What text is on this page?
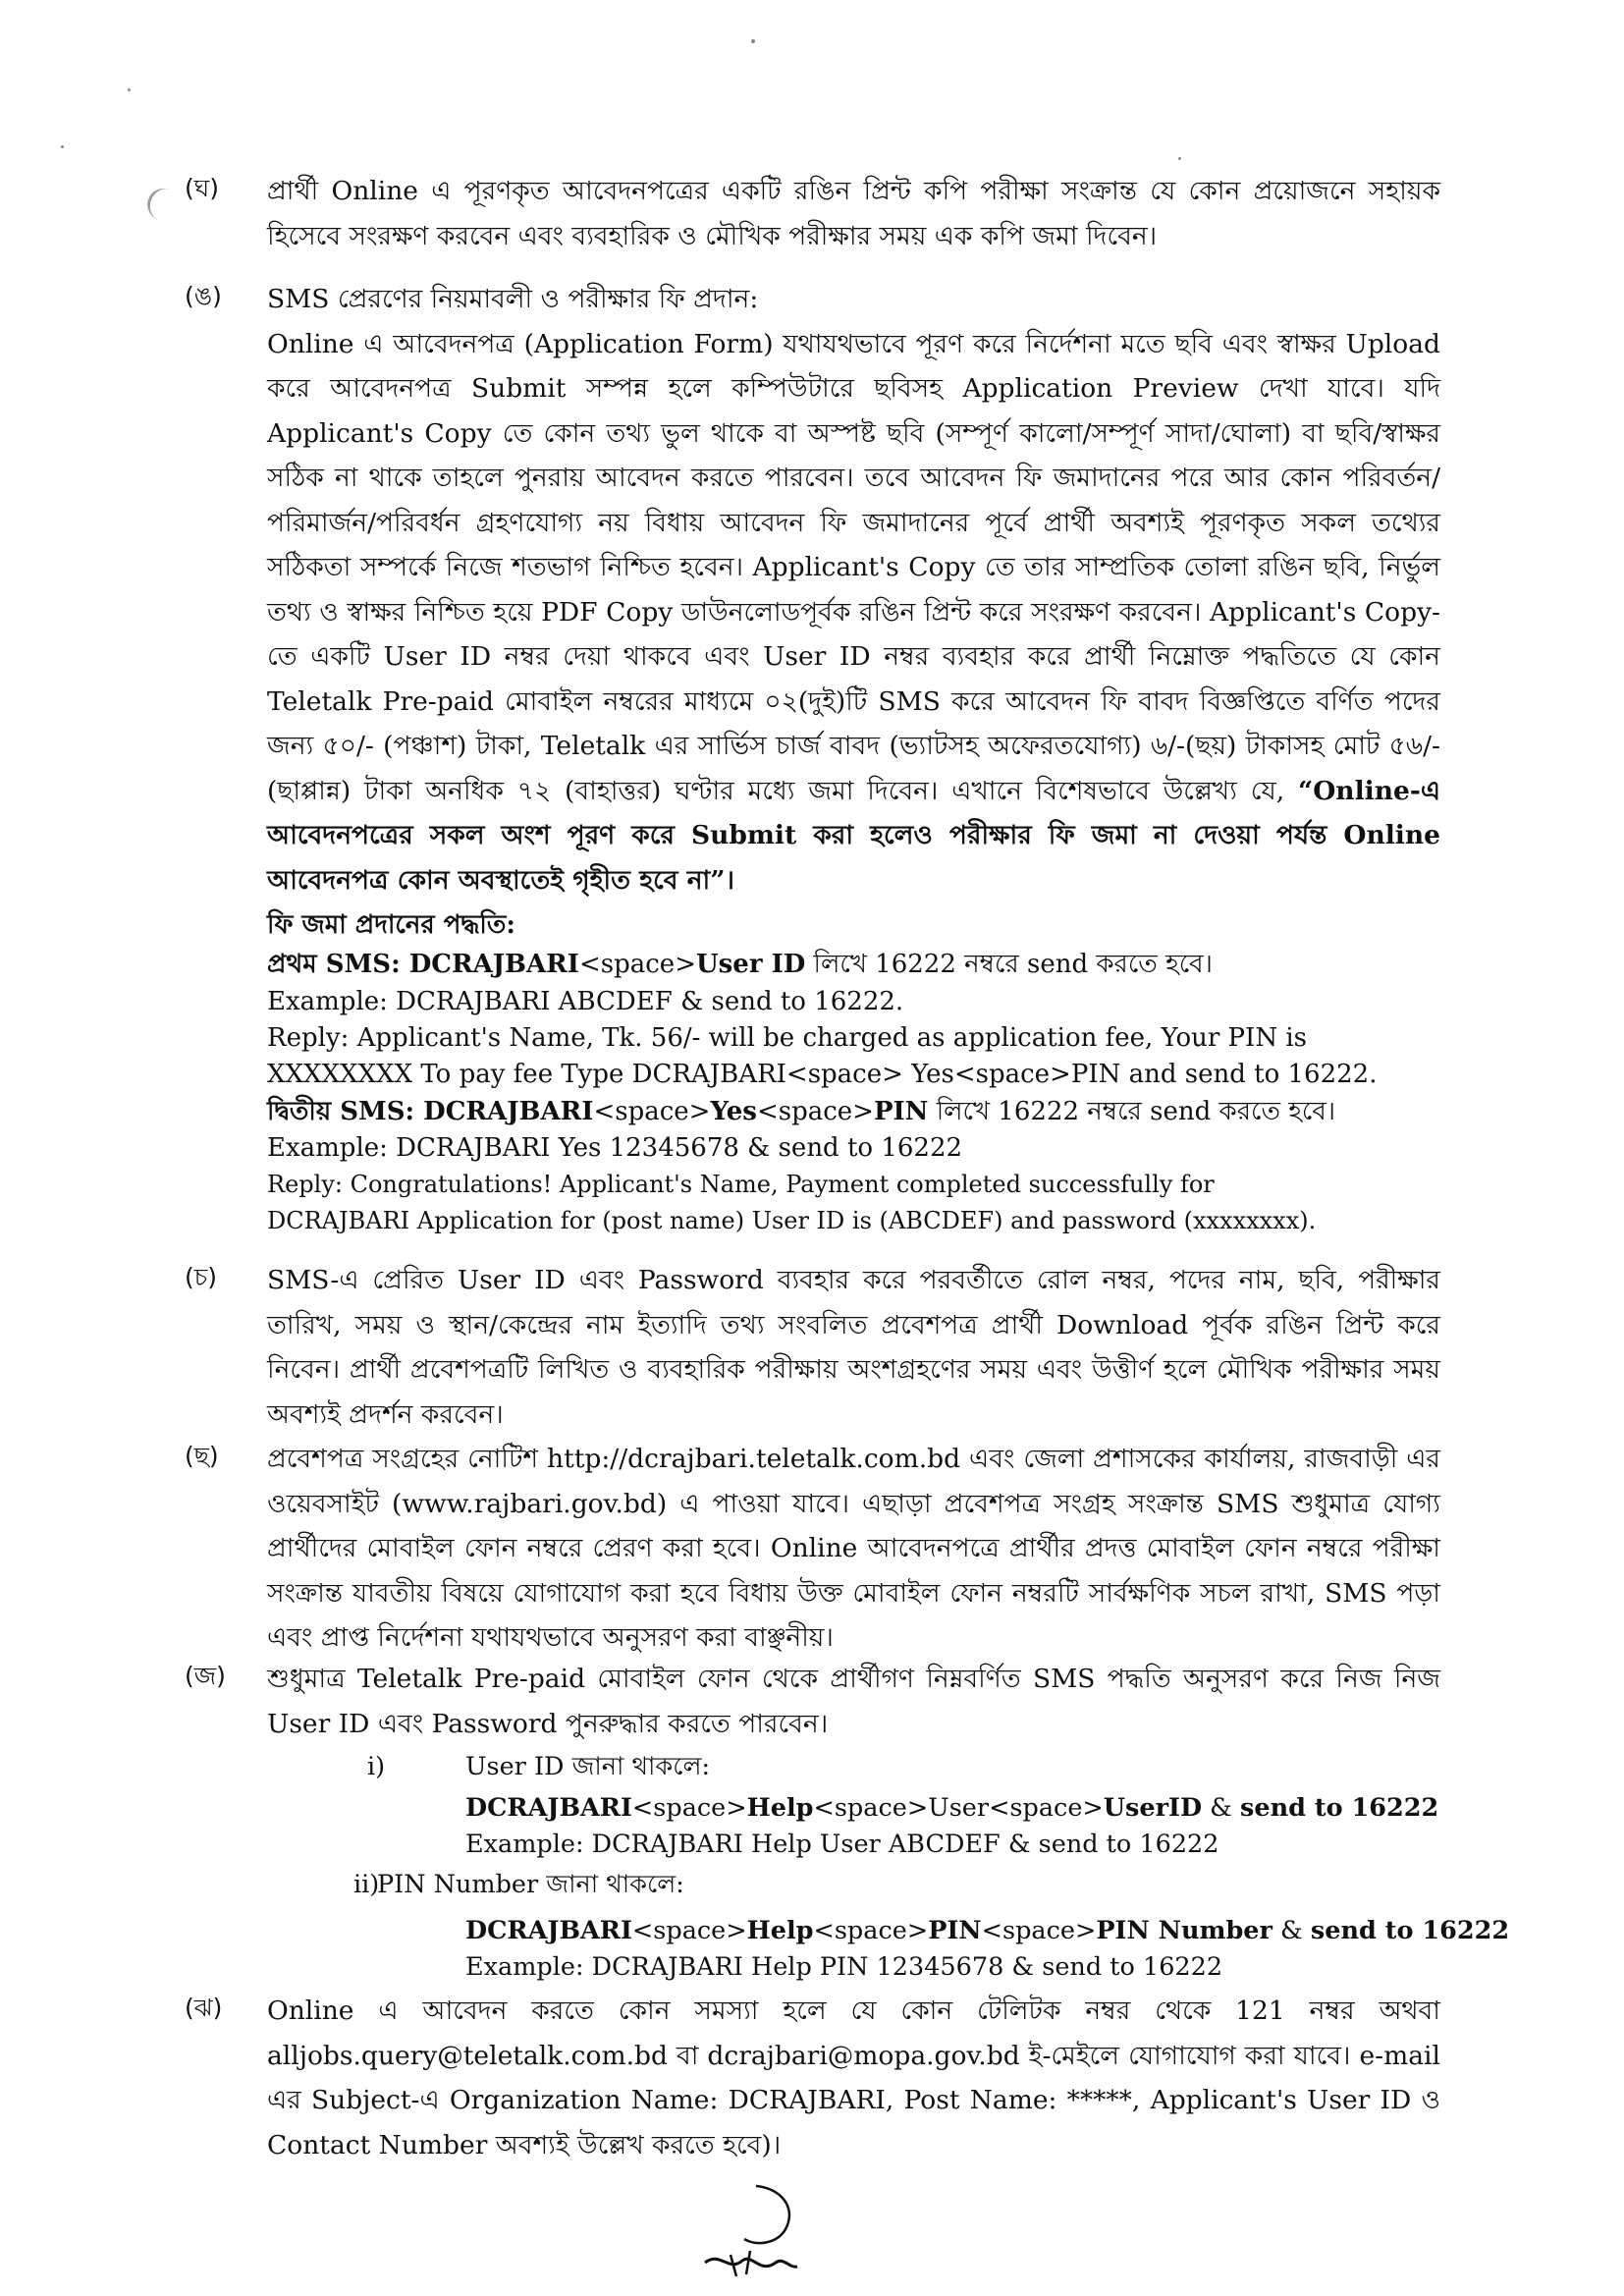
(ঘ) প্রার্থী Online এ পূরণকৃত আবেদনপত্রের একটি রঙিন প্রিন্ট কপি পরীক্ষা সংক্রান্ত যে কোন প্রয়োজনে সহায়ক হিসেবে সংরক্ষণ করবেন এবং ব্যবহারিক ও মৌখিক পরীক্ষার সময় এক কপি জমা দিবেন।

(ঙ) SMS প্রেরণের নিয়মাবলী ও পরীক্ষার ফি প্রদান:

Online এ আবেদনপত্র (Application Form) যথাযথভাবে পূরণ করে নির্দেশনা মতে ছবি এবং স্বাক্ষর Upload করে আবেদনপত্র Submit সম্পন্ন হলে কম্পিউটারে ছবিসহ Application Preview দেখা যাবে। যদি Applicant's Copy তে কোন তথ্য ভুল থাকে বা অস্পষ্ট ছবি (সম্পূর্ণ কালো/সম্পূর্ণ সাদা/ঘোলা) বা ছবি/স্বাক্ষর সঠিক না থাকে তাহলে পুনরায় আবেদন করতে পারবেন। তবে আবেদন ফি জমাদানের পরে আর কোন পরিবর্তন/পরিমার্জন/পরিবর্ধন গ্রহণযোগ্য নয় বিধায় আবেদন ফি জমাদানের পূর্বে প্রার্থী অবশ্যই পূরণকৃত সকল তথ্যের সঠিকতা সম্পর্কে নিজে শতভাগ নিশ্চিত হবেন। Applicant's Copy তে তার সাম্প্রতিক তোলা রঙিন ছবি, নির্ভুল তথ্য ও স্বাক্ষর নিশ্চিত হয়ে PDF Copy ডাউনলোডপূর্বক রঙিন প্রিন্ট করে সংরক্ষণ করবেন। Applicant's Copy-তে একটি User ID নম্বর দেয়া থাকবে এবং User ID নম্বর ব্যবহার করে প্রার্থী নিম্নোক্ত পদ্ধতিতে যে কোন Teletalk Pre-paid মোবাইল নম্বরের মাধ্যমে ০২(দুই)টি SMS করে আবেদন ফি বাবদ বিজ্ঞপ্তিতে বর্ণিত পদের জন্য ৫০/- (পঞ্চাশ) টাকা, Teletalk এর সার্ভিস চার্জ বাবদ (ভ্যাটসহ অফেরতযোগ্য) ৬/-(ছয়) টাকাসহ মোট ৫৬/- (ছাপ্পান্ন) টাকা অনধিক ৭২ (বাহাত্তর) ঘণ্টার মধ্যে জমা দিবেন। এখানে বিশেষভাবে উল্লেখ্য যে, “Online-এ আবেদনপত্রের সকল অংশ পূরণ করে Submit করা হলেও পরীক্ষার ফি জমা না দেওয়া পর্যন্ত Online আবেদনপত্র কোন অবস্থাতেই গৃহীত হবে না”।

ফি জমা প্রদানের পদ্ধতি:
প্রথম SMS: DCRAJBARI<space>User ID লিখে 16222 নম্বরে send করতে হবে।
Example: DCRAJBARI ABCDEF & send to 16222.
Reply: Applicant's Name, Tk. 56/- will be charged as application fee, Your PIN is
XXXXXXXX To pay fee Type DCRAJBARI<space> Yes<space>PIN and send to 16222.
দ্বিতীয় SMS: DCRAJBARI<space>Yes<space>PIN লিখে 16222 নম্বরে send করতে হবে।
Example: DCRAJBARI Yes 12345678 & send to 16222
Reply: Congratulations! Applicant's Name, Payment completed successfully for
DCRAJBARI Application for (post name) User ID is (ABCDEF) and password (xxxxxxxx).
(চ) SMS-এ প্রেরিত User ID এবং Password ব্যবহার করে পরবর্তীতে রোল নম্বর, পদের নাম, ছবি, পরীক্ষার তারিখ, সময় ও স্থান/কেন্দ্রের নাম ইত্যাদি তথ্য সংবলিত প্রবেশপত্র প্রার্থী Download পূর্বক রঙিন প্রিন্ট করে নিবেন। প্রার্থী প্রবেশপত্রটি লিখিত ও ব্যবহারিক পরীক্ষায় অংশগ্রহণের সময় এবং উত্তীর্ণ হলে মৌখিক পরীক্ষার সময় অবশ্যই প্রদর্শন করবেন।

(ছ) প্রবেশপত্র সংগ্রহের নোটিশ http://dcrajbari.teletalk.com.bd এবং জেলা প্রশাসকের কার্যালয়, রাজবাড়ী এর ওয়েবসাইট (www.rajbari.gov.bd) এ পাওয়া যাবে। এছাড়া প্রবেশপত্র সংগ্রহ সংক্রান্ত SMS শুধুমাত্র যোগ্য প্রার্থীদের মোবাইল ফোন নম্বরে প্রেরণ করা হবে। Online আবেদনপত্রে প্রার্থীর প্রদত্ত মোবাইল ফোন নম্বরে পরীক্ষা সংক্রান্ত যাবতীয় বিষয়ে যোগাযোগ করা হবে বিধায় উক্ত মোবাইল ফোন নম্বরটি সার্বক্ষণিক সচল রাখা, SMS পড়া এবং প্রাপ্ত নির্দেশনা যথাযথভাবে অনুসরণ করা বাঞ্ছনীয়।

(জ) শুধুমাত্র Teletalk Pre-paid মোবাইল ফোন থেকে প্রার্থীগণ নিম্নবর্ণিত SMS পদ্ধতি অনুসরণ করে নিজ নিজ User ID এবং Password পুনরুদ্ধার করতে পারবেন।

i)	User ID জানা থাকলে:
DCRAJBARI<space>Help<space>User<space>UserID & send to 16222
Example: DCRAJBARI Help User ABCDEF & send to 16222
ii)
PIN Number জানা থাকলে:
DCRAJBARI<space>Help<space>PIN<space>PIN Number & send to 16222
Example: DCRAJBARI Help PIN 12345678 & send to 16222
(ঝ) Online এ আবেদন করতে কোন সমস্যা হলে যে কোন টেলিটক নম্বর থেকে 121 নম্বর অথবা alljobs.query@teletalk.com.bd বা dcrajbari@mopa.gov.bd ই-মেইলে যোগাযোগ করা যাবে। e-mail এর Subject-এ Organization Name: DCRAJBARI, Post Name: *****, Applicant's User ID ও Contact Number অবশ্যই উল্লেখ করতে হবে)।
